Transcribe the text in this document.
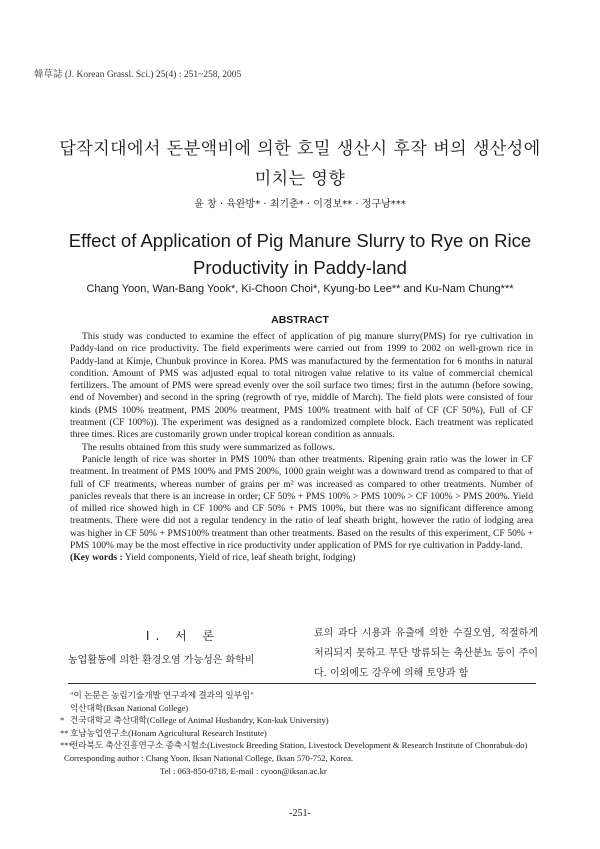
韓草誌 (J. Korean Grassl. Sci.) 25(4) : 251~258, 2005
답작지대에서 돈분액비에 의한 호밀 생산시 후작 벼의 생산성에
미치는 영향
윤 창 · 육완방* · 최기춘* · 이경보** · 정구남***
Effect of Application of Pig Manure Slurry to Rye on Rice
Productivity in Paddy-land
Chang Yoon, Wan-Bang Yook*, Ki-Choon Choi*, Kyung-bo Lee** and Ku-Nam Chung***
ABSTRACT

This study was conducted to examine the effect of application of pig manure slurry(PMS) for rye cultivation in Paddy-land on rice productivity. The field experiments were carried out from 1999 to 2002 on well-grown rice in Paddy-land at Kimje, Chunbuk province in Korea. PMS was manufactured by the fermentation for 6 months in natural condition. Amount of PMS was adjusted equal to total nitrogen value relative to its value of commercial chemical fertilizers. The amount of PMS were spread evenly over the soil surface two times; first in the autumn (before sowing, end of November) and second in the spring (regrowth of rye, middle of March). The field plots were consisted of four kinds (PMS 100% treatment, PMS 200% treatment, PMS 100% treatment with half of CF (CF 50%), Full of CF treatment (CF 100%)). The experiment was designed as a randomized complete block. Each treatment was replicated three times. Rices are customarily grown under tropical korean condition as annuals.

The results obtained from this study were summarized as follows.

Panicle length of rice was shorter in PMS 100% than other treatments. Ripening grain ratio was the lower in CF treatment. In treatment of PMS 100% and PMS 200%, 1000 grain weight was a downward trend as compared to that of full of CF treatments, whereas number of grains per m² was increased as compared to other treatments. Number of panicles reveals that there is an increase in order; CF 50% + PMS 100% > PMS 100% > CF 100% > PMS 200%. Yield of milled rice showed high in CF 100% and CF 50% + PMS 100%, but there was no significant difference among treatments. There were did not a regular tendency in the ratio of leaf sheath bright, however the ratio of lodging area was higher in CF 50% + PMS100% treatment than other treatments. Based on the results of this experiment, CF 50% + PMS 100% may be the most effective in rice productivity under application of PMS for rye cultivation in Paddy-land.

(Key words : Yield components, Yield of rice, leaf sheath bright, lodging)

Ⅰ. 서 론
농업활동에 의한 환경오염 가능성은 화학비
료의 과다 시용과 유출에 의한 수질오염, 적절하게 처리되지 못하고 무단 방류되는 축산분뇨 등이 주이다. 이외에도 강우에 의해 토양과 함
"이 논문은 농림기술개발 연구과제 결과의 일부임"
익산대학(Iksan National College)
* 건국대학교 축산대학(College of Animal Husbandry, Kon-kuk University)
** 호남농업연구소(Honam Agricultural Research Institute)
***
전라북도 축산진흥연구소 종축시험소(Livestock Breeding Station, Livestock Development & Research Institute of Chonrabuk-do)
Corresponding author : Chang Yoon, Iksan National College, Iksan 570-752, Korea.
Tel : 063-850-0718, E-mail : cyoon@iksan.ac.kr
-251-
